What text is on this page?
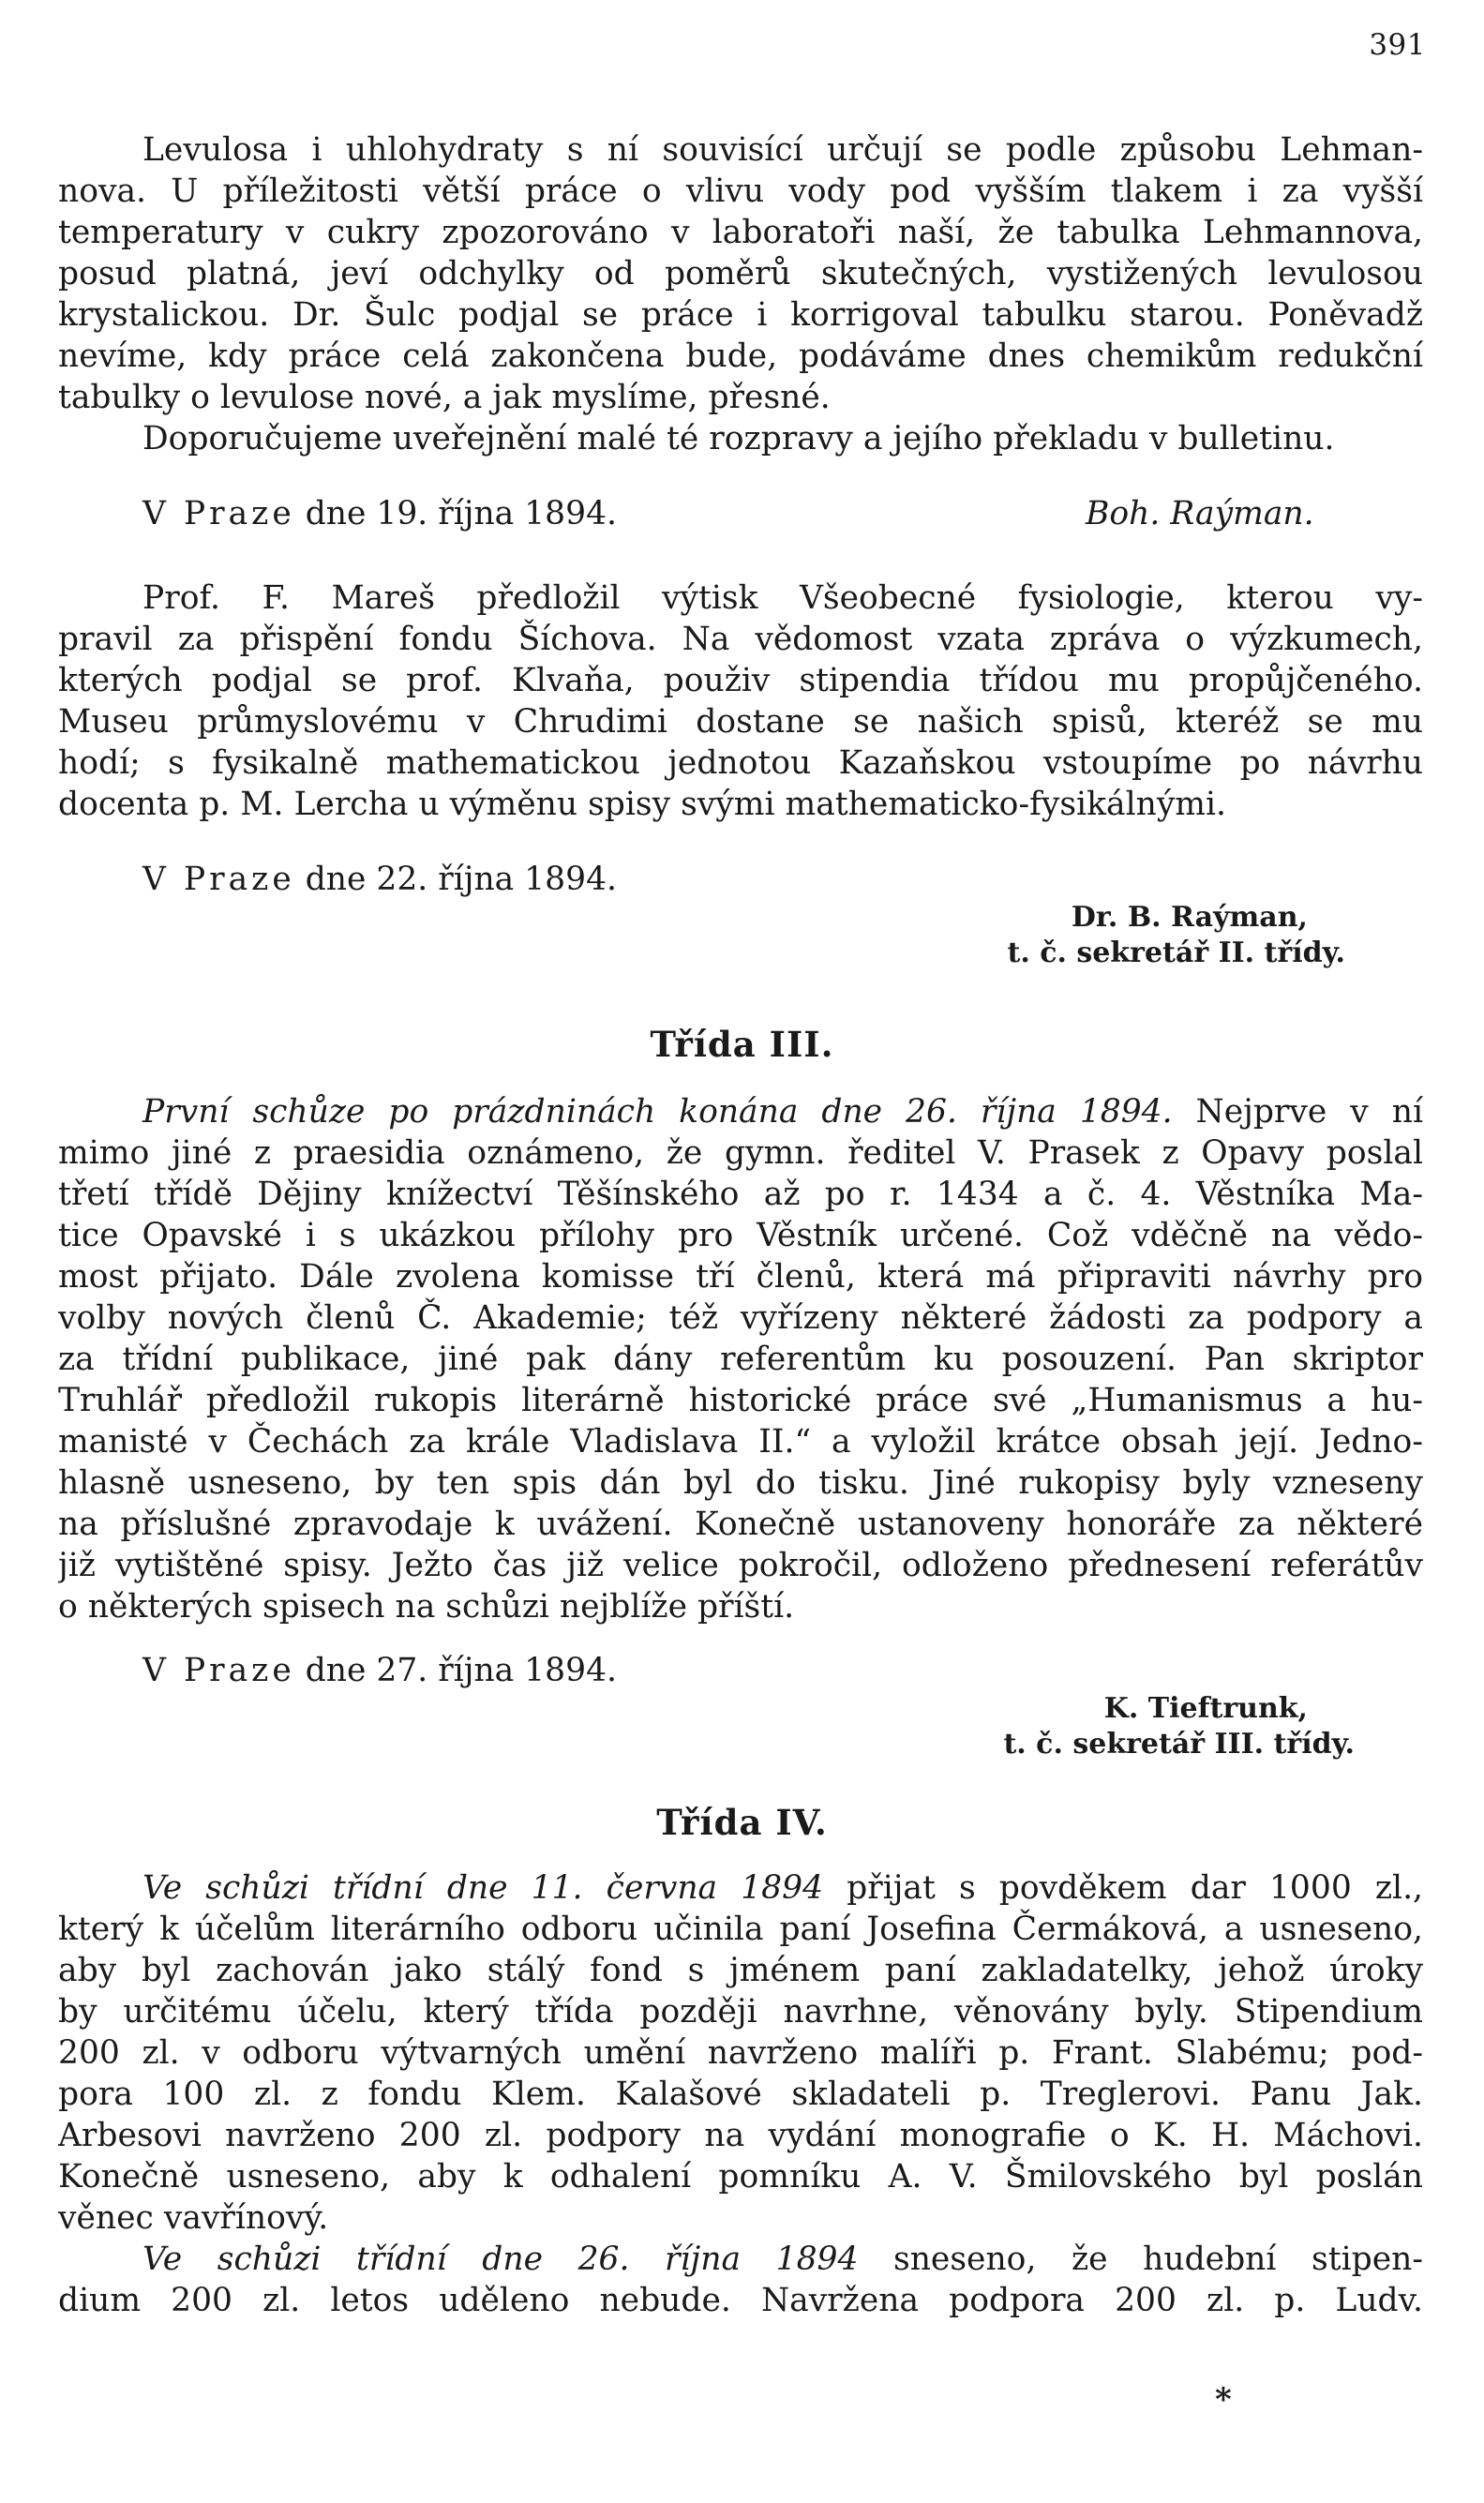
391

Levulosa i uhlohydraty s ní souvisící určují se podle způsobu Lehman-
nova. U příležitosti větší práce o vlivu vody pod vyšším tlakem i za vyšší
temperatury v cukry zpozorováno v laboratoři naší, že tabulka Lehmannova,
posud platná, jeví odchylky od poměrů skutečných, vystižených levulosou
krystalickou. Dr. Šulc podjal se práce i korrigoval tabulku starou. Poněvadž
nevíme, kdy práce celá zakončena bude, podáváme dnes chemikům redukční
tabulky o levulose nové, a jak myslíme, přesné.

Doporučujeme uveřejnění malé té rozpravy a jejího překladu v bulletinu.

V Praze dne 19. října 1894.	Boh. Raýman.

Prof. F. Mareš předložil výtisk Všeobecné fysiologie, kterou vy-
pravil za přispění fondu Šíchova. Na vědomost vzata zpráva o výzkumech,
kterých podjal se prof. Klvaňa, použiv stipendia třídou mu propůjčeného.
Museu průmyslovému v Chrudimi dostane se našich spisů, kteréž se mu
hodí; s fysikalně mathematickou jednotou Kazaňskou vstoupíme po návrhu
docenta p. M. Lercha u výměnu spisy svými mathematicko-fysikálnými.

V Praze dne 22. října 1894.
Dr. B. Raýman,
t. č. sekretář II. třídy.
Třída III.

První schůze po prázdninách konána dne 26. října 1894. Nejprve v ní
mimo jiné z praesidia oznámeno, že gymn. ředitel V. Prasek z Opavy poslal
třetí třídě Dějiny knížectví Těšínského až po r. 1434 a č. 4. Věstníka Ma-
tice Opavské i s ukázkou přílohy pro Věstník určené. Což vděčně na vědo-
most přijato. Dále zvolena komisse tří členů, která má připraviti návrhy pro
volby nových členů Č. Akademie; též vyřízeny některé žádosti za podpory a
za třídní publikace, jiné pak dány referentům ku posouzení. Pan skriptor
Truhlář předložil rukopis literárně historické práce své „Humanismus a hu-
manisté v Čechách za krále Vladislava II.“ a vyložil krátce obsah její. Jedno-
hlasně usneseno, by ten spis dán byl do tisku. Jiné rukopisy byly vzneseny
na příslušné zpravodaje k uvážení. Konečně ustanoveny honoráře za některé
již vytištěné spisy. Ježto čas již velice pokročil, odloženo přednesení referátův
o některých spisech na schůzi nejblíže příští.

V Praze dne 27. října 1894.
K. Tieftrunk,
t. č. sekretář III. třídy.
Třída IV.

Ve schůzi třídní dne 11. června 1894 přijat s povděkem dar 1000 zl.,
který k účelům literárního odboru učinila paní Josefina Čermáková, a usneseno,
aby byl zachován jako stálý fond s jménem paní zakladatelky, jehož úroky
by určitému účelu, který třída později navrhne, věnovány byly. Stipendium
200 zl. v odboru výtvarných umění navrženo malíři p. Frant. Slabému; pod-
pora 100 zl. z fondu Klem. Kalašové skladateli p. Treglerovi. Panu Jak.
Arbesovi navrženo 200 zl. podpory na vydání monografie o K. H. Máchovi.
Konečně usneseno, aby k odhalení pomníku A. V. Šmilovského byl poslán
věnec vavřínový.

Ve schůzi třídní dne 26. října 1894 sneseno, že hudební stipen-
dium 200 zl. letos uděleno nebude. Navržena podpora 200 zl. p. Ludv.

*
